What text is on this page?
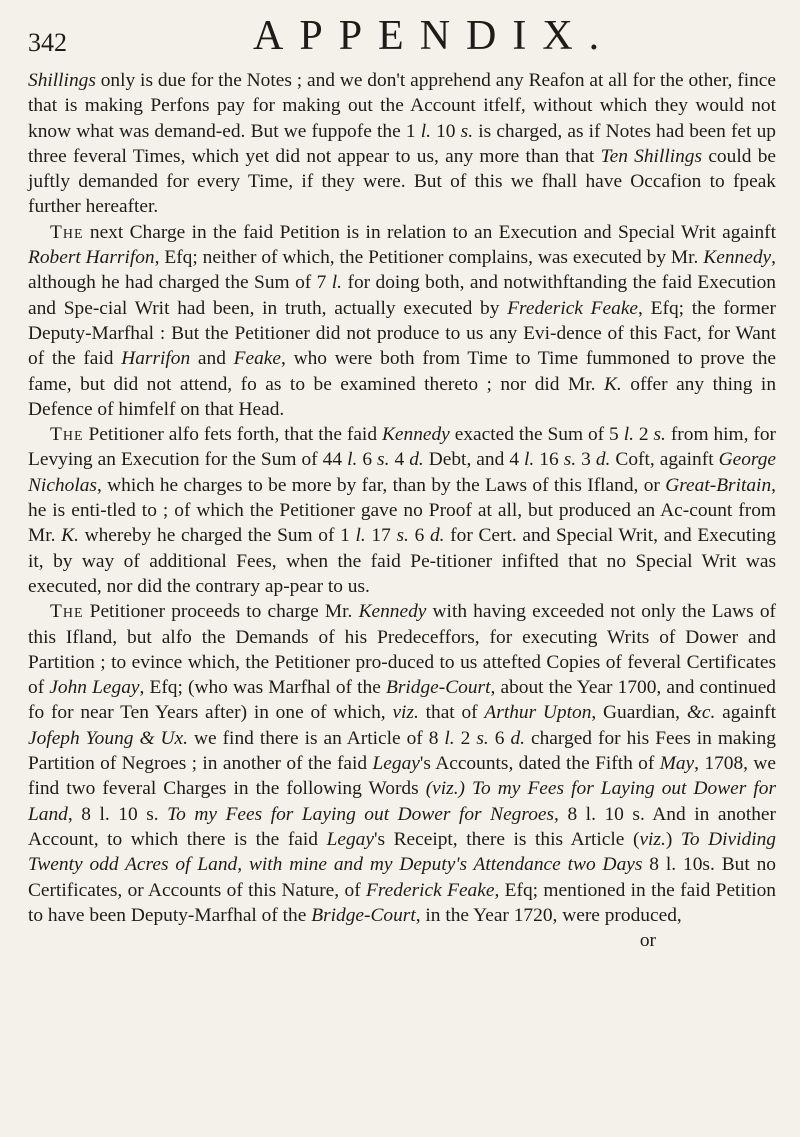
342	APPENDIX.

Shillings only is due for the Notes ; and we don't apprehend any Reafon at all for the other, fince that is making Perfons pay for making out the Account itfelf, without which they would not know what was demand-ed. But we fuppofe the 1 l. 10 s. is charged, as if Notes had been fet up three feveral Times, which yet did not appear to us, any more than that Ten Shillings could be juftly demanded for every Time, if they were. But of this we fhall have Occafion to fpeak further hereafter.

The next Charge in the faid Petition is in relation to an Execution and Special Writ againft Robert Harrifon, Efq; neither of which, the Petitioner complains, was executed by Mr. Kennedy, although he had charged the Sum of 7 l. for doing both, and notwithftanding the faid Execution and Spe-cial Writ had been, in truth, actually executed by Frederick Feake, Efq; the former Deputy-Marfhal : But the Petitioner did not produce to us any Evi-dence of this Fact, for Want of the faid Harrifon and Feake, who were both from Time to Time fummoned to prove the fame, but did not attend, fo as to be examined thereto ; nor did Mr. K. offer any thing in Defence of himfelf on that Head.

The Petitioner alfo fets forth, that the faid Kennedy exacted the Sum of 5 l. 2 s. from him, for Levying an Execution for the Sum of 44 l. 6 s. 4 d. Debt, and 4 l. 16 s. 3 d. Coft, againft George Nicholas, which he charges to be more by far, than by the Laws of this Ifland, or Great-Britain, he is enti-tled to ; of which the Petitioner gave no Proof at all, but produced an Ac-count from Mr. K. whereby he charged the Sum of 1 l. 17 s. 6 d. for Cert. and Special Writ, and Executing it, by way of additional Fees, when the faid Pe-titioner infifted that no Special Writ was executed, nor did the contrary ap-pear to us.

The Petitioner proceeds to charge Mr. Kennedy with having exceeded not only the Laws of this Ifland, but alfo the Demands of his Predeceffors, for executing Writs of Dower and Partition ; to evince which, the Petitioner pro-duced to us attefted Copies of feveral Certificates of John Legay, Efq; (who was Marfhal of the Bridge-Court, about the Year 1700, and continued fo for near Ten Years after) in one of which, viz. that of Arthur Upton, Guardian, &c. againft Jofeph Young & Ux. we find there is an Article of 8 l. 2 s. 6 d. charged for his Fees in making Partition of Negroes ; in another of the faid Legay's Accounts, dated the Fifth of May, 1708, we find two feveral Charges in the following Words (viz.) To my Fees for Laying out Dower for Land, 8 l. 10 s. To my Fees for Laying out Dower for Negroes, 8 l. 10 s. And in another Account, to which there is the faid Legay's Receipt, there is this Article (viz.) To Dividing Twenty odd Acres of Land, with mine and my Deputy's Attendance two Days 8 l. 10s. But no Certificates, or Accounts of this Nature, of Frederick Feake, Efq; mentioned in the faid Petition to have been Deputy-Marfhal of the Bridge-Court, in the Year 1720, were produced,

or
